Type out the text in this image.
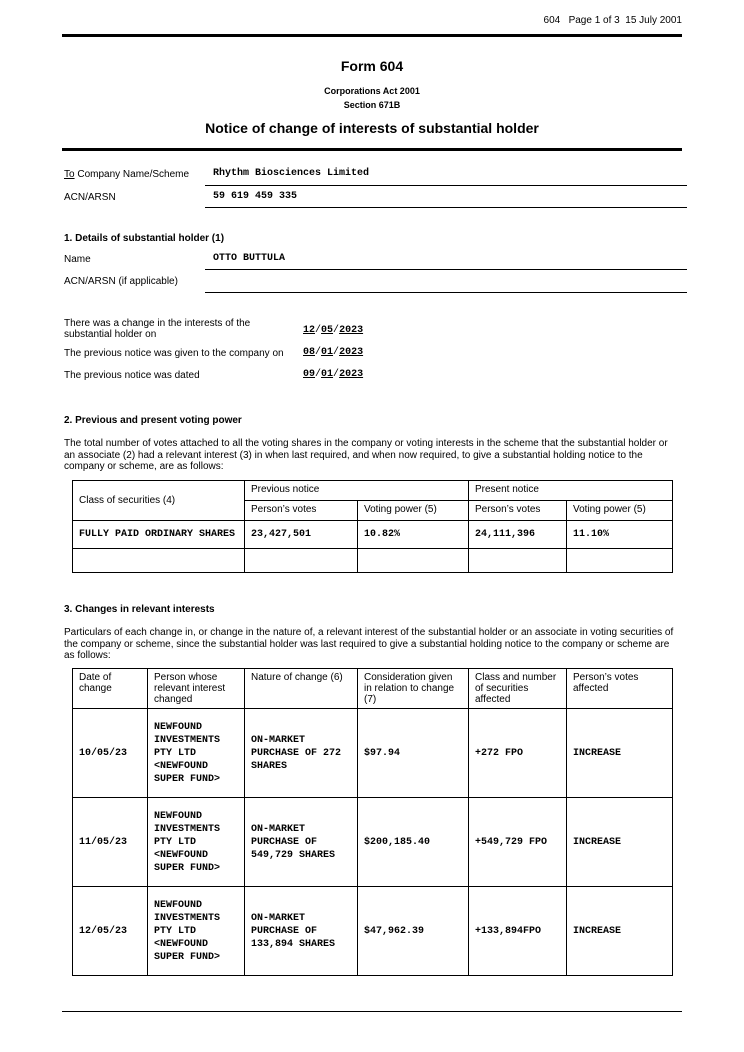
604 Page 1 of 3 15 July 2001
Form 604
Corporations Act 2001
Section 671B
Notice of change of interests of substantial holder
To Company Name/Scheme Rhythm Biosciences Limited
ACN/ARSN	59 619 459 335
1. Details of substantial holder (1)
Name	OTTO BUTTULA
ACN/ARSN (if applicable)
There was a change in the interests of the substantial holder on	12/05/2023
The previous notice was given to the company on 08/01/2023
The previous notice was dated	09/01/2023
2. Previous and present voting power
The total number of votes attached to all the voting shares in the company or voting interests in the scheme that the substantial holder or an associate (2) had a relevant interest (3) in when last required, and when now required, to give a substantial holding notice to the company or scheme, are as follows:
Class of securities (4)	Previous notice		Present notice	
	Person’s votes	Voting power (5)	Person’s votes	Voting power (5)
FULLY PAID ORDINARY SHARES	23,427,501	10.82%	24,111,396	11.10%

3. Changes in relevant interests
Particulars of each change in, or change in the nature of, a relevant interest of the substantial holder or an associate in voting securities of the company or scheme, since the substantial holder was last required to give a substantial holding notice to the company or scheme are as follows:
Date of change	Person whose relevant interest changed	Nature of change (6)	Consideration given in relation to change (7)	Class and number of securities affected	Person’s votes affected
10/05/23	NEWFOUND INVESTMENTS PTY LTD <NEWFOUND SUPER FUND>	ON-MARKET PURCHASE OF 272 SHARES	$97.94	+272 FPO	INCREASE
11/05/23	NEWFOUND INVESTMENTS PTY LTD <NEWFOUND SUPER FUND>	ON-MARKET PURCHASE OF 549,729 SHARES	$200,185.40	+549,729 FPO	INCREASE
12/05/23	NEWFOUND INVESTMENTS PTY LTD <NEWFOUND SUPER FUND>	ON-MARKET PURCHASE OF 133,894 SHARES	$47,962.39	+133,894FPO	INCREASE
